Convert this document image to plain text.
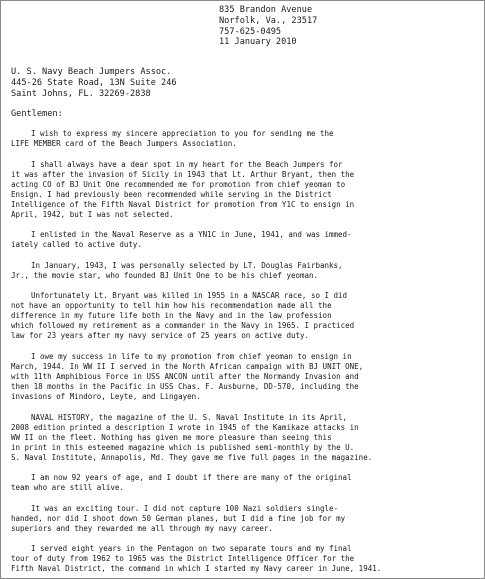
835 Brandon Avenue
Norfolk, Va., 23517
757-625-0495
11 January 2010
U. S. Navy Beach Jumpers Assoc.
445-26 State Road, 13N Suite 246
Saint Johns, FL. 32269-2838
Gentlemen:
I wish to express my sincere appreciation to you for sending me the
LIFE MEMBER card of the Beach Jumpers Association.
I shall always have a dear spot in my heart for the Beach Jumpers for
it was after the invasion of Sicily in 1943 that Lt. Arthur Bryant, then the
acting CO of BJ Unit One recommended me for promotion from chief yeoman to
Ensign. I had previously been recommended while serving in the District
Intelligence of the Fifth Naval District for promotion from Y1C to ensign in
April, 1942, but I was not selected.
I enlisted in the Naval Reserve as a YN1C in June, 1941, and was immed-
iately called to active duty.
In January, 1943, I was personally selected by LT. Douglas Fairbanks,
Jr., the movie star, who founded BJ Unit One to be his chief yeoman.
Unfortunately Lt. Bryant was killed in 1955 in a NASCAR race, so I did
not have an opportunity to tell him how his recommendation made all the
difference in my future life both in the Navy and in the law profession
which followed my retirement as a commander in the Navy in 1965. I practiced
law for 23 years after my navy service of 25 years on active duty.
I owe my success in life to my promotion from chief yeoman to ensign in
March, 1944. In WW II I served in the North African campaign with BJ UNIT ONE,
with 11th Amphibious Force in USS ANCON until after the Normandy Invasion and
then 18 months in the Pacific in USS Chas. F. Ausburne, DD-570, including the
invasions of Mindoro, Leyte, and Lingayen.
NAVAL HISTORY, the magazine of the U. S. Naval Institute in its April,
2008 edition printed a description I wrote in 1945 of the Kamikaze attacks in
WW II on the fleet. Nothing has given me more pleasure than seeing this
in print in this esteemed magazine which is published semi-monthly by the U.
S. Naval Institute, Annapolis, Md. They gave me five full pages in the magazine.
I am now 92 years of age, and I doubt if there are many of the original
team who are still alive.
It was an exciting tour. I did not capture 100 Nazi soldiers single-
handed, nor did I shoot down 50 German planes, but I did a fine job for my
superiors and they rewarded me all through my navy career.
I served eight years in the Pentagon on two separate tours and my final
tour of duty from 1962 to 1965 was the District Intelligence Officer for the
Fifth Naval District, the command in which I started my Navy career in June, 1941.
